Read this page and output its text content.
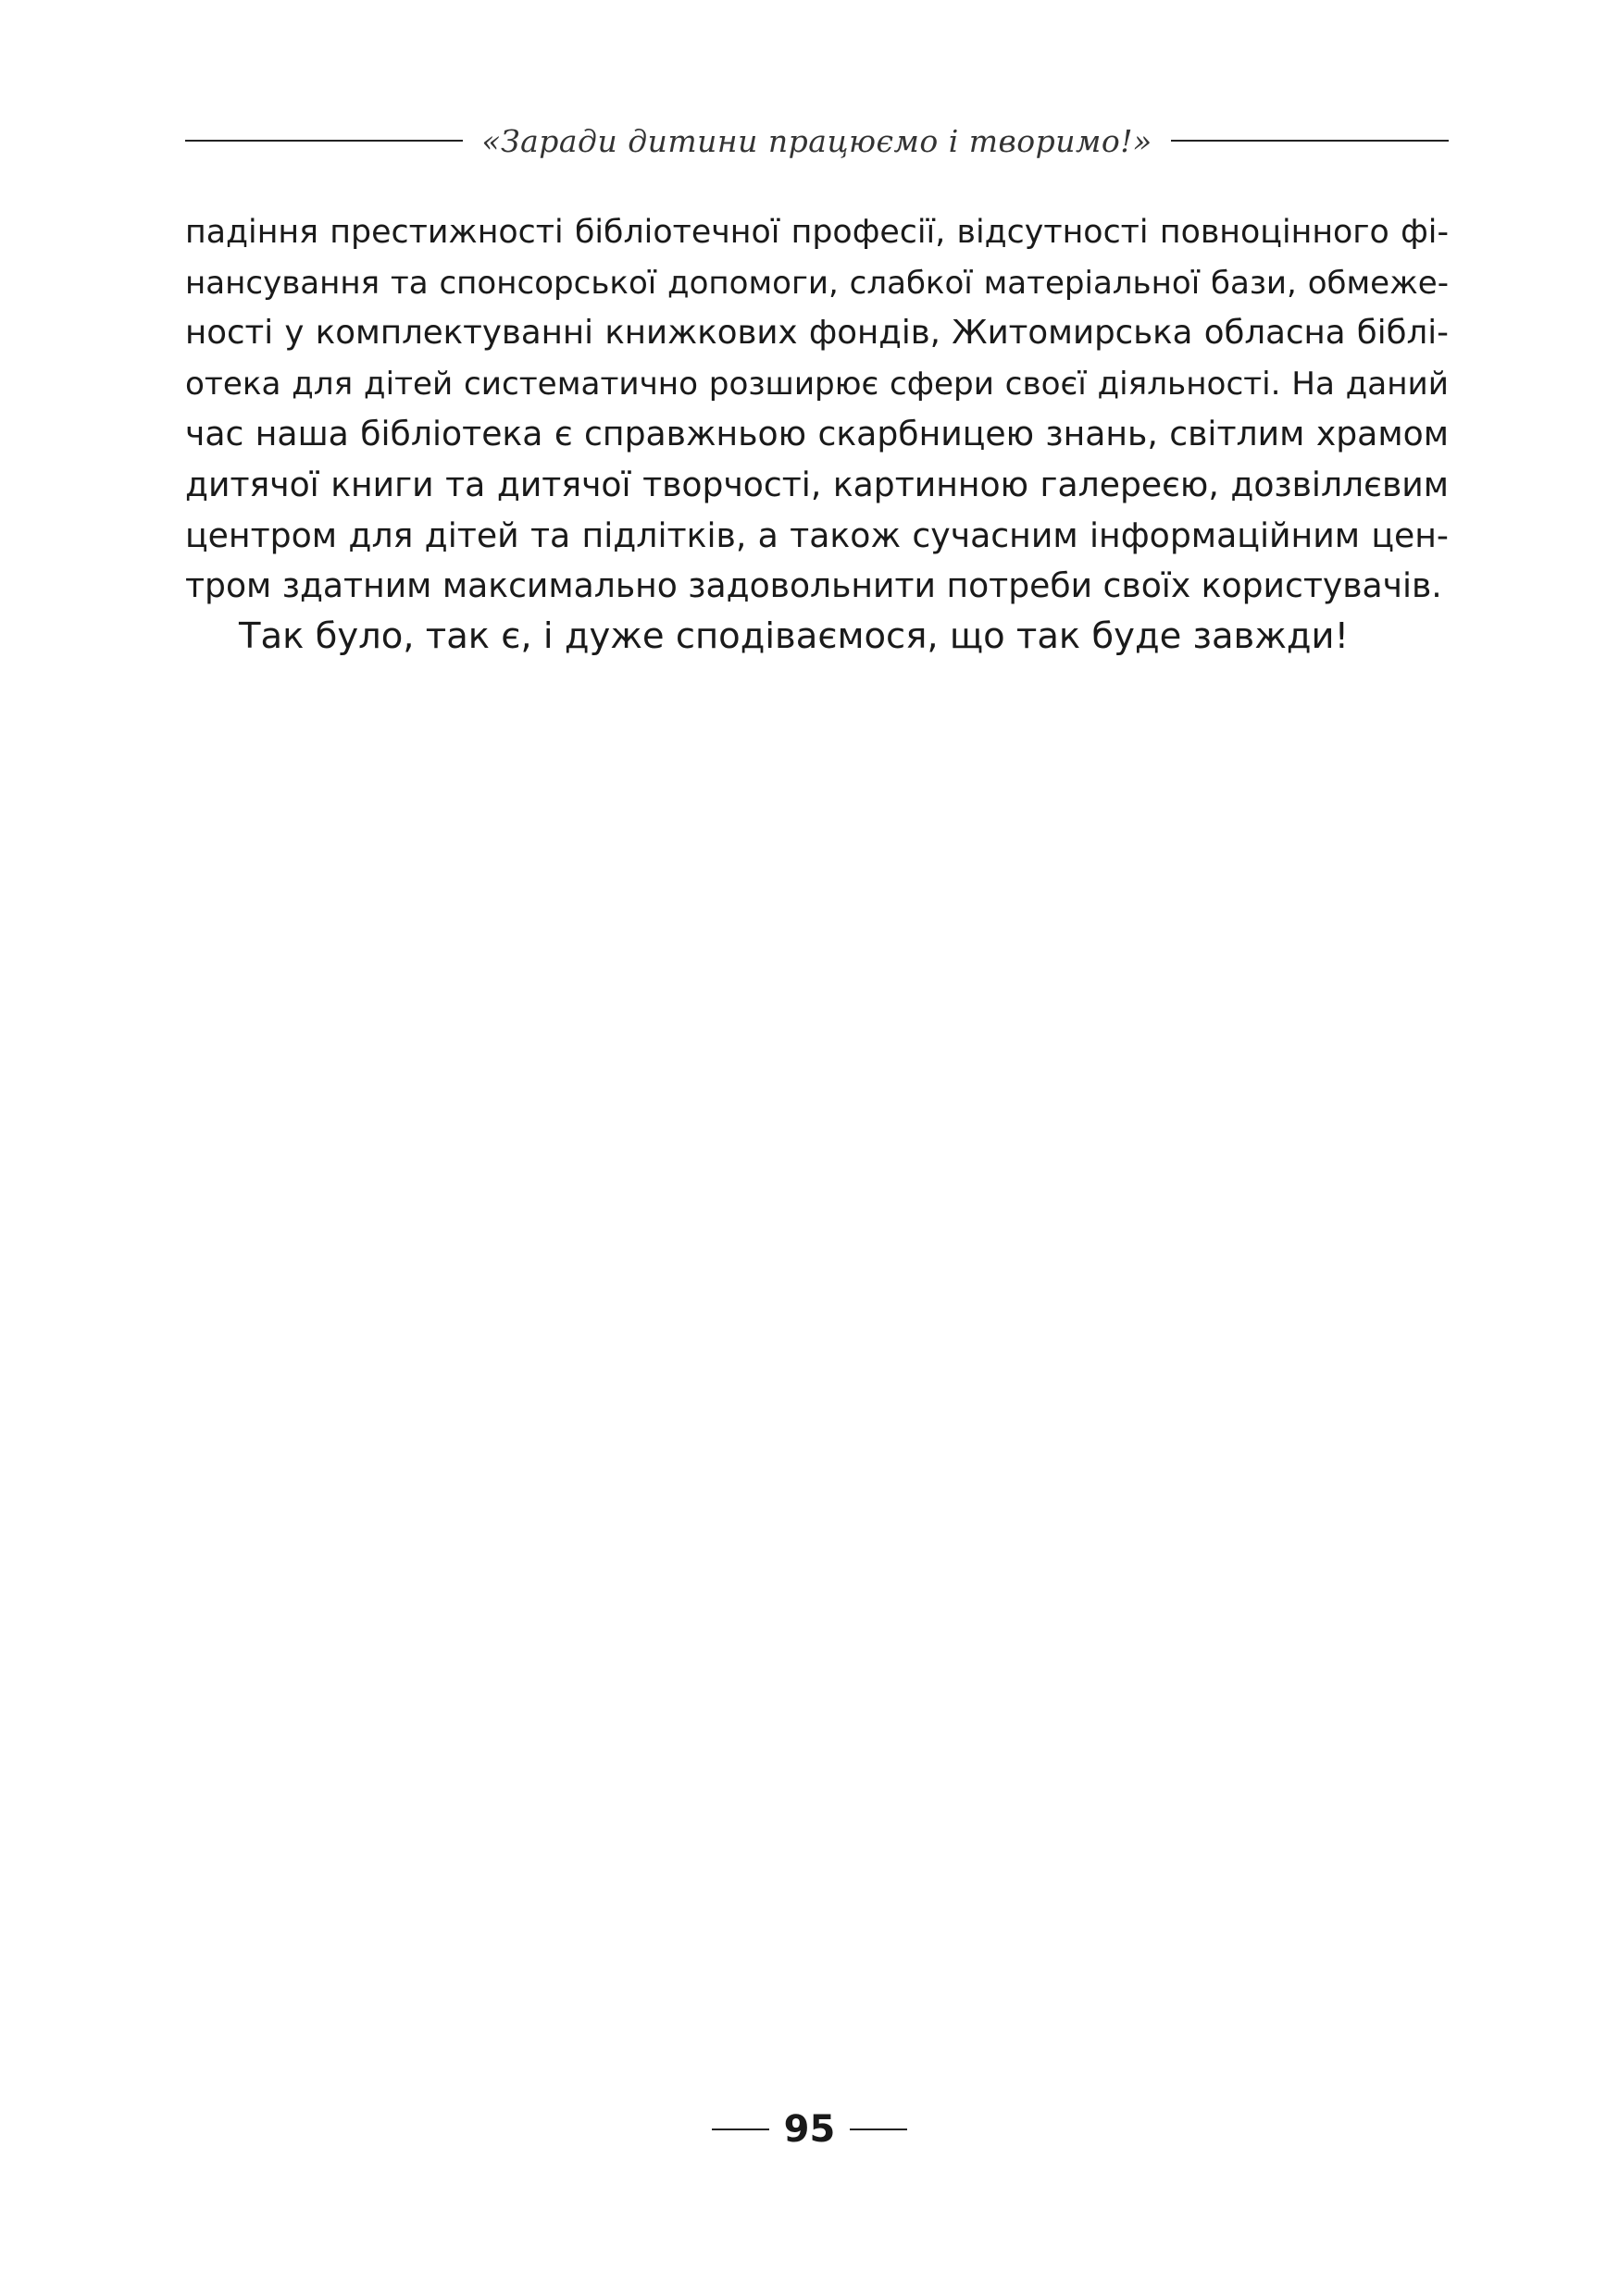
«Заради дитини працюємо і творимо!»
падіння престижності бібліотечної професії, відсутності повноцінного фі-
нансування та спонсорської допомоги, слабкої матеріальної бази, обмеже-
ності у комплектуванні книжкових фондів, Житомирська обласна біблі-
отека для дітей систематично розширює сфери своєї діяльності. На даний
час наша бібліотека є справжньою скарбницею знань, світлим храмом
дитячої книги та дитячої творчості, картинною галереєю, дозвіллєвим
центром для дітей та підлітків, а також сучасним інформаційним цен-
тром здатним максимально задовольнити потреби своїх користувачів.

Так було, так є, і дуже сподіваємося, що так буде завжди!

95
